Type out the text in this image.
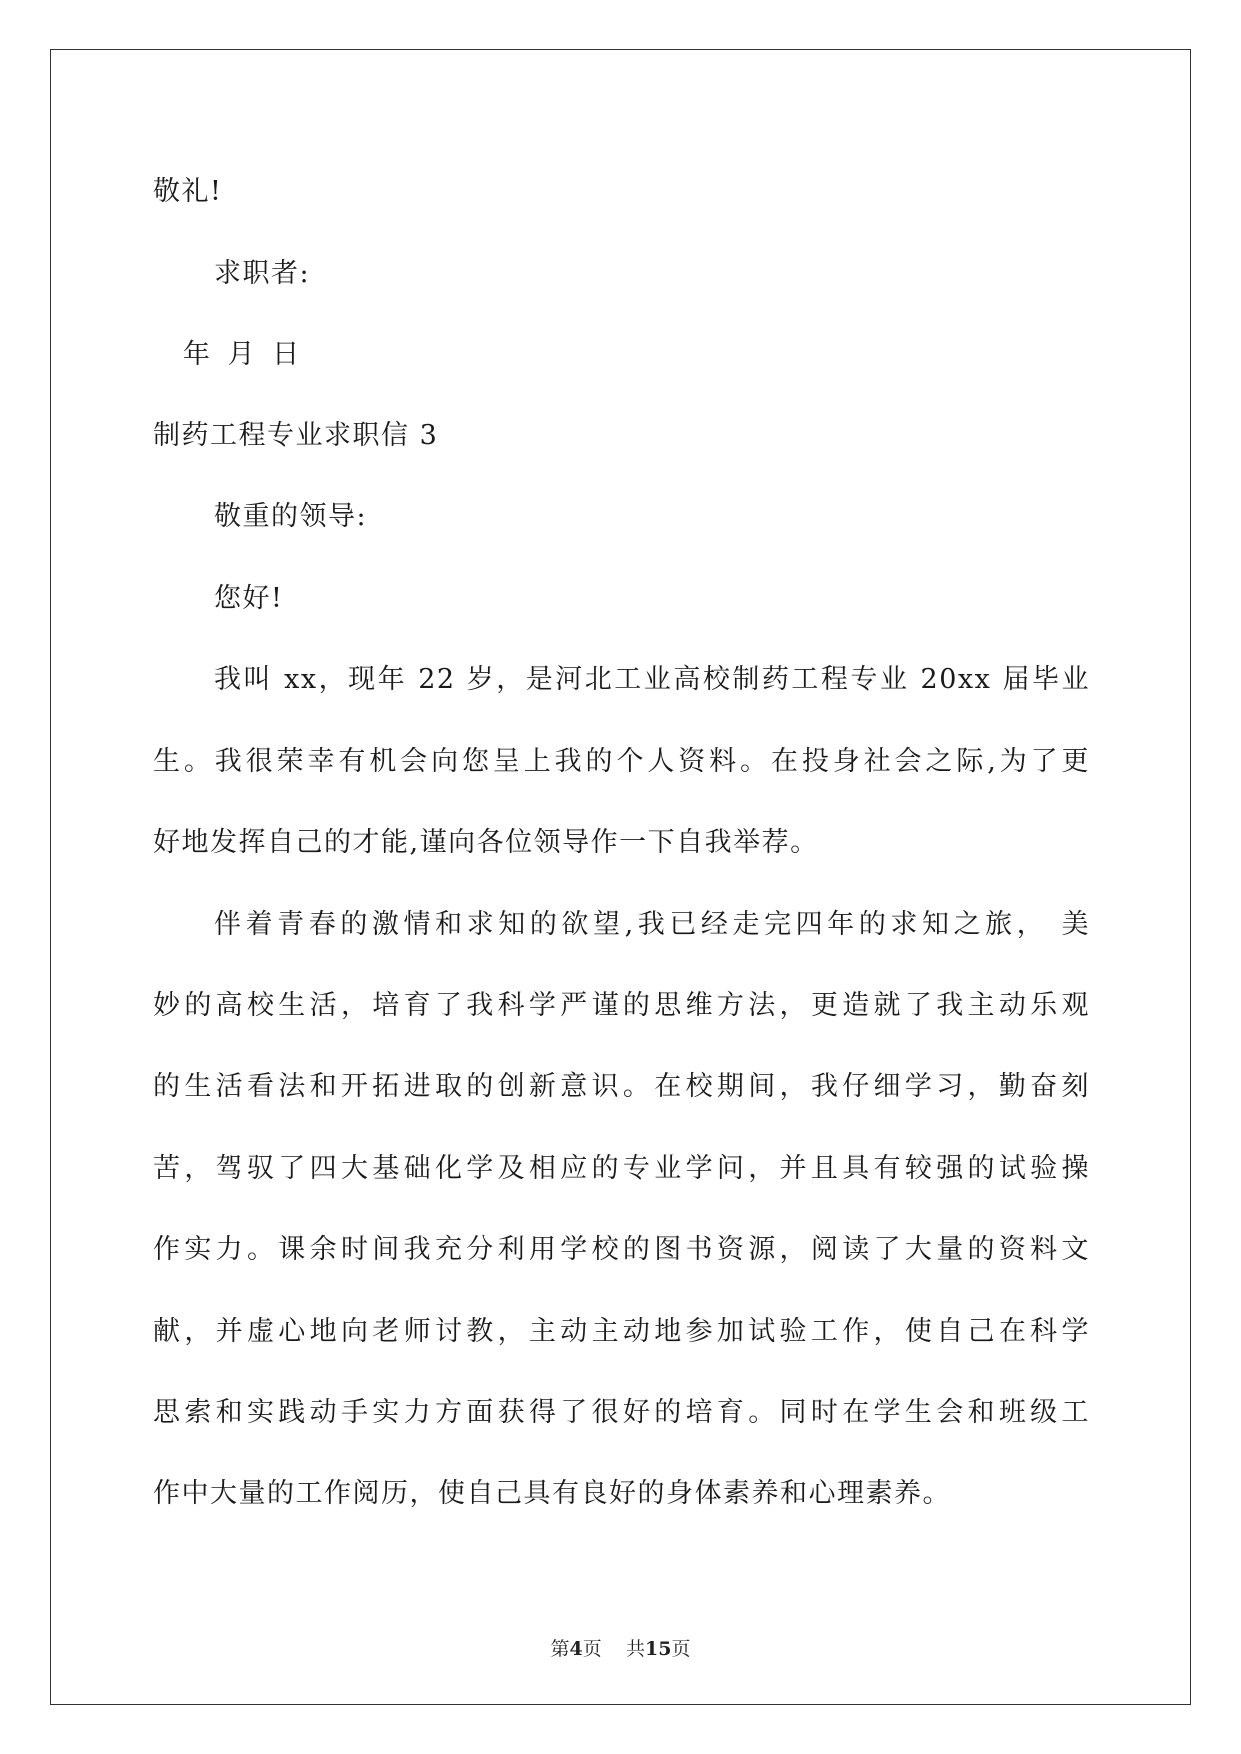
敬礼!
求职者:
年 月 日
制药工程专业求职信 3
敬重的领导:
您好!
我叫 xx，现年 22 岁，是河北工业高校制药工程专业 20xx 届毕业
生。我很荣幸有机会向您呈上我的个人资料。在投身社会之际,为了更
好地发挥自己的才能,谨向各位领导作一下自我举荐。
伴着青春的激情和求知的欲望,我已经走完四年的求知之旅， 美
妙的高校生活，培育了我科学严谨的思维方法，更造就了我主动乐观
的生活看法和开拓进取的创新意识。在校期间，我仔细学习，勤奋刻
苦，驾驭了四大基础化学及相应的专业学问，并且具有较强的试验操
作实力。课余时间我充分利用学校的图书资源，阅读了大量的资料文
献，并虚心地向老师讨教，主动主动地参加试验工作，使自己在科学
思索和实践动手实力方面获得了很好的培育。同时在学生会和班级工
作中大量的工作阅历，使自己具有良好的身体素养和心理素养。
第4页 共15页
